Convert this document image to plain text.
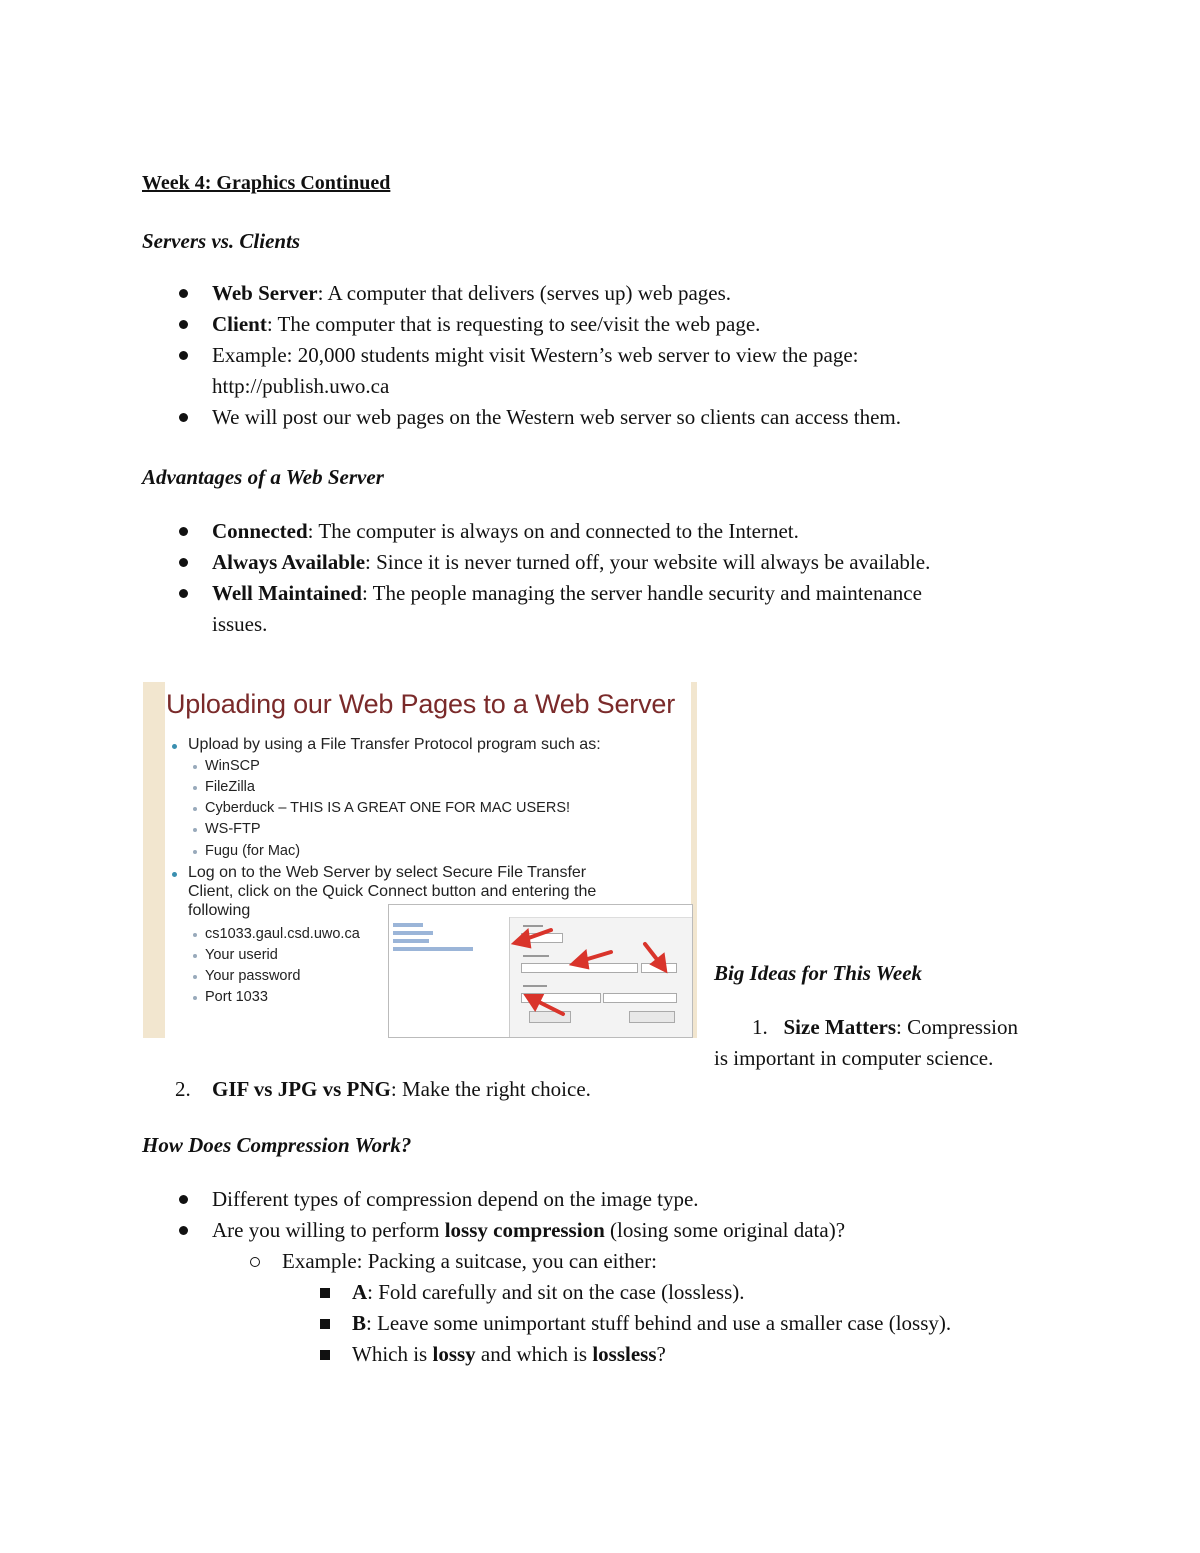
Week 4: Graphics Continued
Servers vs. Clients
Web Server: A computer that delivers (serves up) web pages.
Client: The computer that is requesting to see/visit the web page.
Example: 20,000 students might visit Western’s web server to view the page:
http://publish.uwo.ca
We will post our web pages on the Western web server so clients can access them.
Advantages of a Web Server
Connected: The computer is always on and connected to the Internet.
Always Available: Since it is never turned off, your website will always be available.
Well Maintained: The people managing the server handle security and maintenance
issues.
Uploading our Web Pages to a Web Server
Upload by using a File Transfer Protocol program such as:
WinSCP
FileZilla
Cyberduck – THIS IS A GREAT ONE FOR MAC USERS!
WS-FTP
Fugu (for Mac)
Log on to the Web Server by select Secure File Transfer
Client, click on the Quick Connect button and entering the
following
cs1033.gaul.csd.uwo.ca
Your userid
Your password
Port 1033
Big Ideas for This Week
1. Size Matters: Compression
is important in computer science.
2. GIF vs JPG vs PNG: Make the right choice.
How Does Compression Work?
Different types of compression depend on the image type.
Are you willing to perform lossy compression (losing some original data)?
Example: Packing a suitcase, you can either:
A: Fold carefully and sit on the case (lossless).
B: Leave some unimportant stuff behind and use a smaller case (lossy).
Which is lossy and which is lossless?
